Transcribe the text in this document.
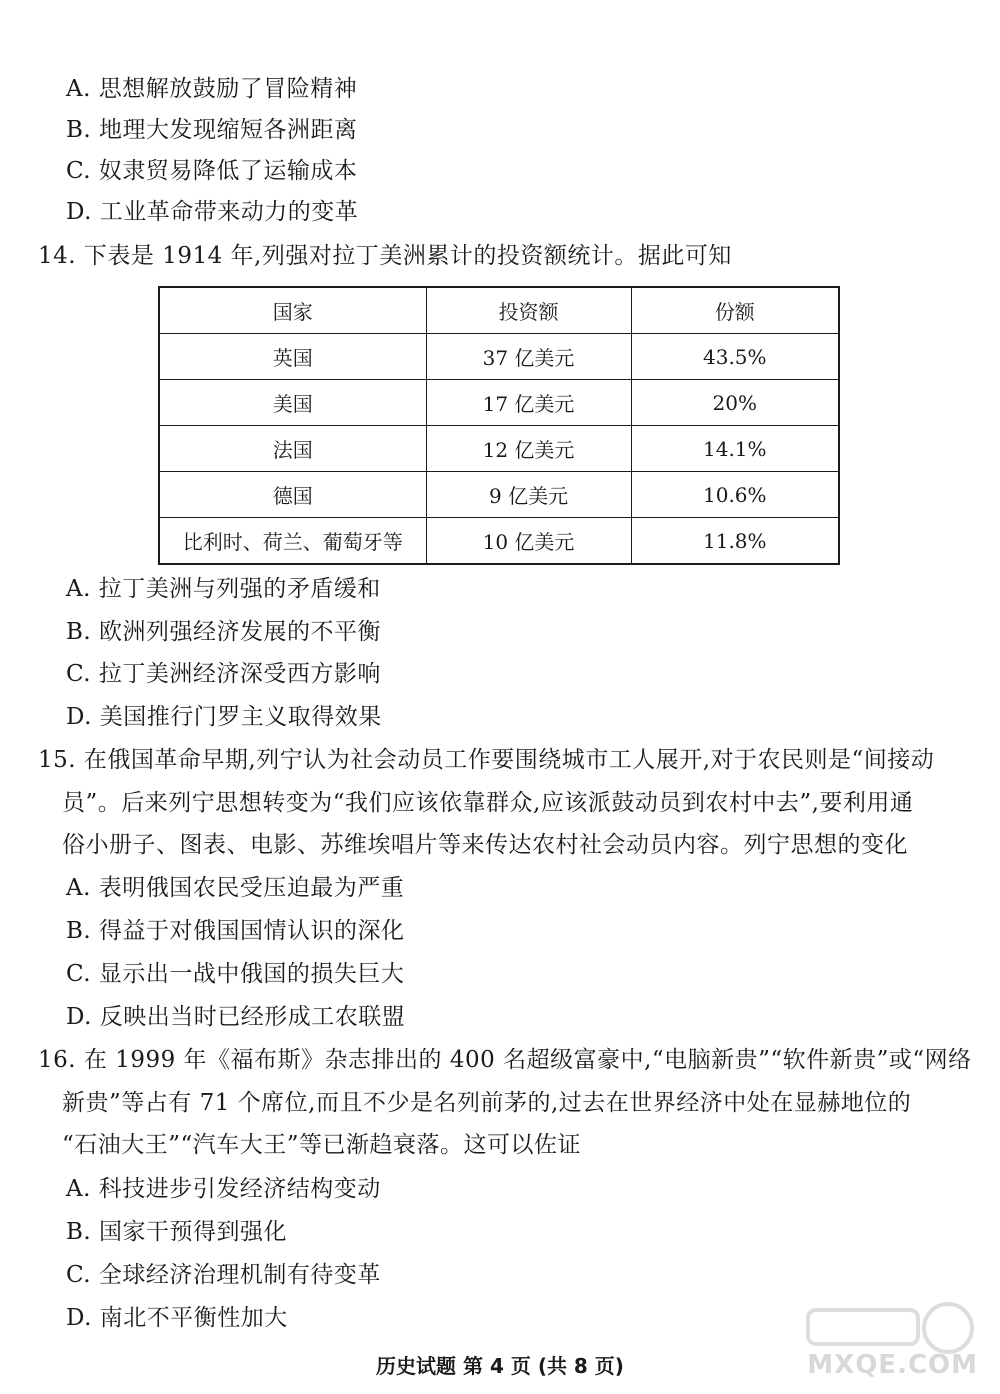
A. 思想解放鼓励了冒险精神
B. 地理大发现缩短各洲距离
C. 奴隶贸易降低了运输成本
D. 工业革命带来动力的变革
14. 下表是 1914 年,列强对拉丁美洲累计的投资额统计。据此可知
国家	投资额	份额
英国	37 亿美元	43.5%
美国	17 亿美元	20%
法国	12 亿美元	14.1%
德国	9 亿美元	10.6%
比利时、荷兰、葡萄牙等	10 亿美元	11.8%
A. 拉丁美洲与列强的矛盾缓和
B. 欧洲列强经济发展的不平衡
C. 拉丁美洲经济深受西方影响
D. 美国推行门罗主义取得效果
15. 在俄国革命早期,列宁认为社会动员工作要围绕城市工人展开,对于农民则是“间接动
员”。后来列宁思想转变为“我们应该依靠群众,应该派鼓动员到农村中去”,要利用通
俗小册子、图表、电影、苏维埃唱片等来传达农村社会动员内容。列宁思想的变化
A. 表明俄国农民受压迫最为严重
B. 得益于对俄国国情认识的深化
C. 显示出一战中俄国的损失巨大
D. 反映出当时已经形成工农联盟
16. 在 1999 年《福布斯》杂志排出的 400 名超级富豪中,“电脑新贵”“软件新贵”或“网络
新贵”等占有 71 个席位,而且不少是名列前茅的,过去在世界经济中处在显赫地位的
“石油大王”“汽车大王”等已渐趋衰落。这可以佐证
A. 科技进步引发经济结构变动
B. 国家干预得到强化
C. 全球经济治理机制有待变革
D. 南北不平衡性加大
历史试题 第 4 页 (共 8 页)	MXQE.COM
